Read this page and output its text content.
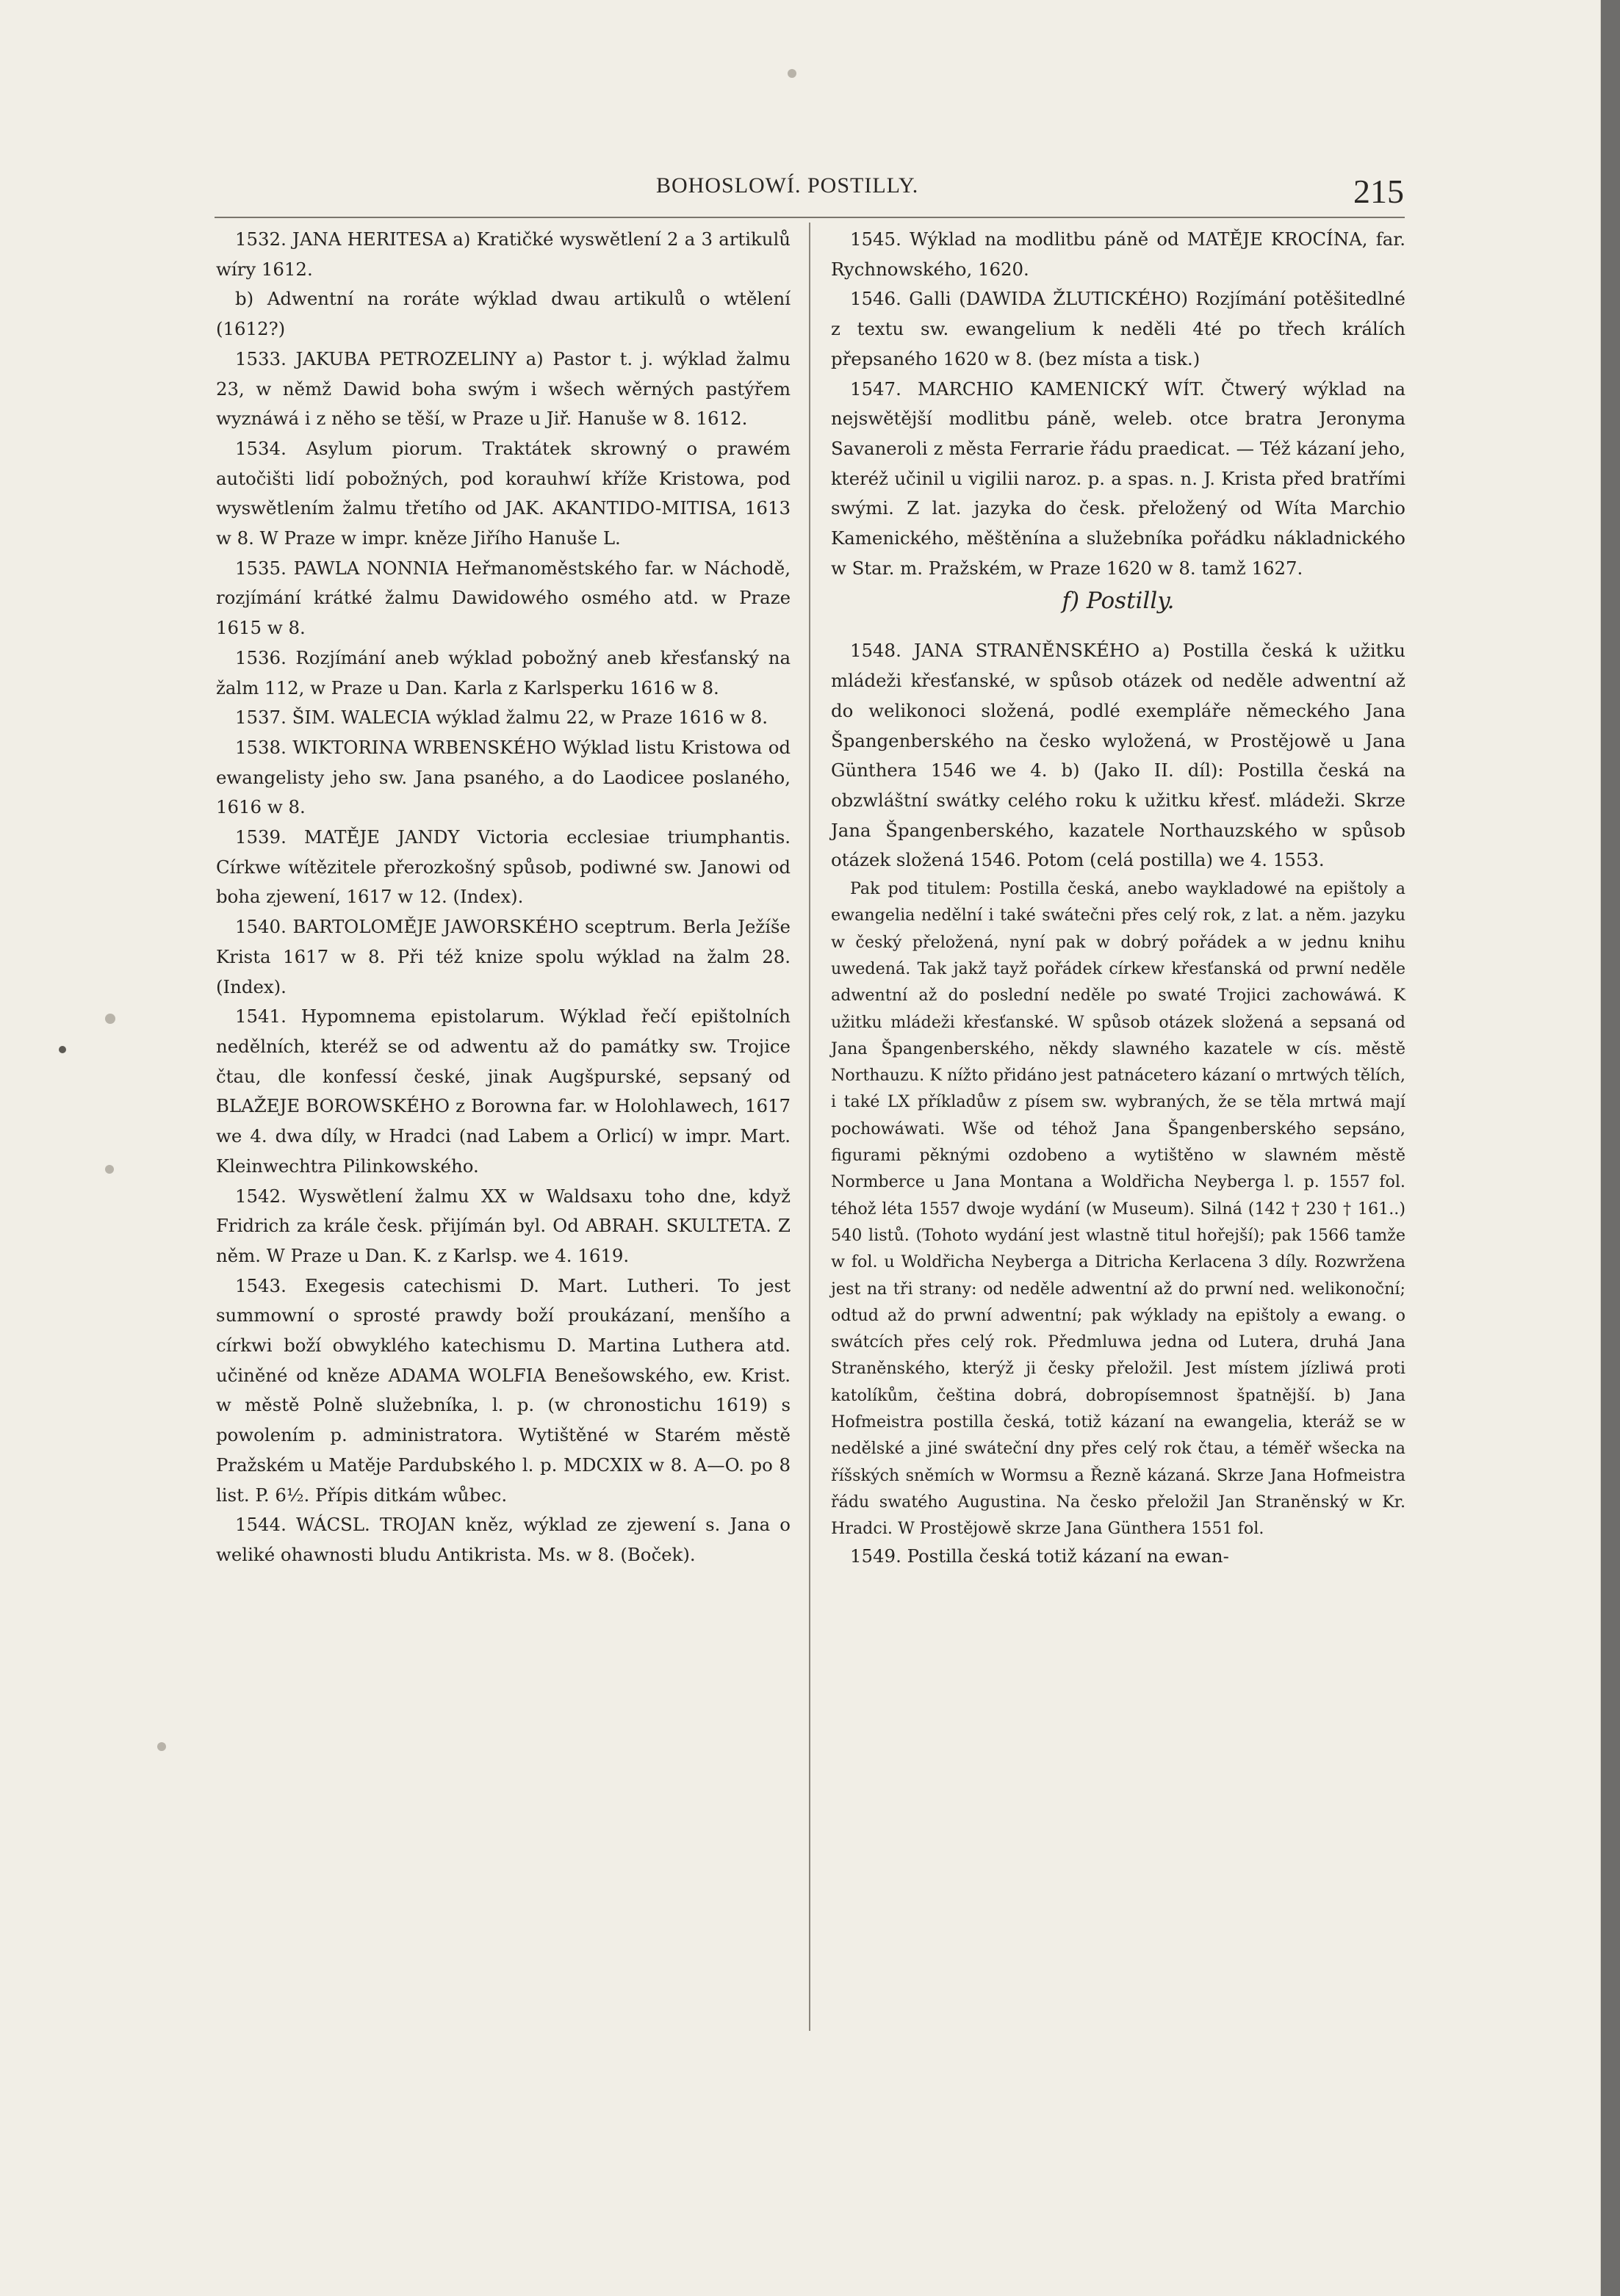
BOHOSLOWÍ. POSTILLY.	215

1532. JANA HERITESA a) Kratičké wyswětlení 2 a 3 artikulů wíry 1612.

b) Adwentní na roráte wýklad dwau artikulů o wtělení (1612?)

1533. JAKUBA PETROZELINY a) Pastor t. j. wýklad žalmu 23, w němž Dawid boha swým i wšech wěrných pastýřem wyznáwá i z něho se těší, w Praze u Jiř. Hanuše w 8. 1612.

1534. Asylum piorum. Traktátek skrowný o prawém autočišti lidí pobožných, pod korauhwí kříže Kristowa, pod wyswětlením žalmu třetího od JAK. AKANTIDO-MITISA, 1613 w 8. W Praze w impr. kněze Jiřího Hanuše L.

1535. PAWLA NONNIA Heřmanoměstského far. w Náchodě, rozjímání krátké žalmu Dawidowého osmého atd. w Praze 1615 w 8.

1536. Rozjímání aneb wýklad pobožný aneb křesťanský na žalm 112, w Praze u Dan. Karla z Karlsperku 1616 w 8.

1537. ŠIM. WALECIA wýklad žalmu 22, w Praze 1616 w 8.

1538. WIKTORINA WRBENSKÉHO Wýklad listu Kristowa od ewangelisty jeho sw. Jana psaného, a do Laodicee poslaného, 1616 w 8.

1539. MATĚJE JANDY Victoria ecclesiae triumphantis. Církwe wítězitele přerozkošný spůsob, podiwné sw. Janowi od boha zjewení, 1617 w 12. (Index).

1540. BARTOLOMĚJE JAWORSKÉHO sceptrum. Berla Ježíše Krista 1617 w 8. Při též knize spolu wýklad na žalm 28. (Index).

1541. Hypomnema epistolarum. Wýklad řečí epištolních nedělních, kteréž se od adwentu až do památky sw. Trojice čtau, dle konfessí české, jinak Augšpurské, sepsaný od BLAŽEJE BOROWSKÉHO z Borowna far. w Holohlawech, 1617 we 4. dwa díly, w Hradci (nad Labem a Orlicí) w impr. Mart. Kleinwechtra Pilinkowského.

1542. Wyswětlení žalmu XX w Waldsaxu toho dne, když Fridrich za krále česk. přijímán byl. Od ABRAH. SKULTETA. Z něm. W Praze u Dan. K. z Karlsp. we 4. 1619.

1543. Exegesis catechismi D. Mart. Lutheri. To jest summowní o sprosté prawdy boží proukázaní, menšího a církwi boží obwyklého katechismu D. Martina Luthera atd. učiněné od kněze ADAMA WOLFIA Benešowského, ew. Krist. w městě Polně služebníka, l. p. (w chronostichu 1619) s powolením p. administratora. Wytištěné w Starém městě Pražském u Matěje Pardubského l. p. MDCXIX w 8. A—O. po 8 list. P. 6½. Přípis ditkám wůbec.

1544. WÁCSL. TROJAN kněz, wýklad ze zjewení s. Jana o weliké ohawnosti bludu Antikrista. Ms. w 8. (Boček).

1545. Wýklad na modlitbu páně od MATĚJE KROCÍNA, far. Rychnowského, 1620.

1546. Galli (DAWIDA ŽLUTICKÉHO) Rozjímání potěšitedlné z textu sw. ewangelium k neděli 4té po třech králích přepsaného 1620 w 8. (bez místa a tisk.)

1547. MARCHIO KAMENICKÝ WÍT. Čtwerý wýklad na nejswětější modlitbu páně, weleb. otce bratra Jeronyma Savaneroli z města Ferrarie řádu praedicat. — Též kázaní jeho, kteréž učinil u vigilii naroz. p. a spas. n. J. Krista před bratřími swými. Z lat. jazyka do česk. přeložený od Wíta Marchio Kamenického, měštěnína a služebníka pořádku nákladnického w Star. m. Pražském, w Praze 1620 w 8. tamž 1627.

f) Postilly.

1548. JANA STRANĚNSKÉHO a) Postilla česká k užitku mládeži křesťanské, w spůsob otázek od neděle adwentní až do welikonoci složená, podlé exempláře německého Jana Špangenberského na česko wyložená, w Prostějowě u Jana Günthera 1546 we 4. b) (Jako II. díl): Postilla česká na obzwláštní swátky celého roku k užitku křesť. mládeži. Skrze Jana Špangenberského, kazatele Northauzského w spůsob otázek složená 1546. Potom (celá postilla) we 4. 1553.

Pak pod titulem: Postilla česká, anebo waykladowé na epištoly a ewangelia nedělní i také swátečni přes celý rok, z lat. a něm. jazyku w český přeložená, nyní pak w dobrý pořádek a w jednu knihu uwedená. Tak jakž tayž pořádek církew křesťanská od prwní neděle adwentní až do poslední neděle po swaté Trojici zachowáwá. K užitku mládeži křesťanské. W spůsob otázek složená a sepsaná od Jana Špangenberského, někdy slawného kazatele w cís. městě Northauzu. K nížto přidáno jest patnácetero kázaní o mrtwých tělích, i také LX příkladůw z písem sw. wybraných, že se těla mrtwá mají pochowáwati. Wše od téhož Jana Špangenberského sepsáno, figurami pěknými ozdobeno a wytištěno w slawném městě Normberce u Jana Montana a Woldřicha Neyberga l. p. 1557 fol. téhož léta 1557 dwoje wydání (w Museum). Silná (142 † 230 † 161..) 540 listů. (Tohoto wydání jest wlastně titul hořejší); pak 1566 tamže w fol. u Woldřicha Neyberga a Ditricha Kerlacena 3 díly. Rozwržena jest na tři strany: od neděle adwentní až do prwní ned. welikonoční; odtud až do prwní adwentní; pak wýklady na epištoly a ewang. o swátcích přes celý rok. Předmluwa jedna od Lutera, druhá Jana Straněnského, kterýž ji česky přeložil. Jest místem jízliwá proti katolíkům, čeština dobrá, dobropísemnost špatnější. b) Jana Hofmeistra postilla česká, totiž kázaní na ewangelia, kteráž se w nedělské a jiné swáteční dny přes celý rok čtau, a téměř wšecka na říšských sněmích w Wormsu a Řezně kázaná. Skrze Jana Hofmeistra řádu swatého Augustina. Na česko přeložil Jan Straněnský w Kr. Hradci. W Prostějowě skrze Jana Günthera 1551 fol.

1549. Postilla česká totiž kázaní na ewan-
